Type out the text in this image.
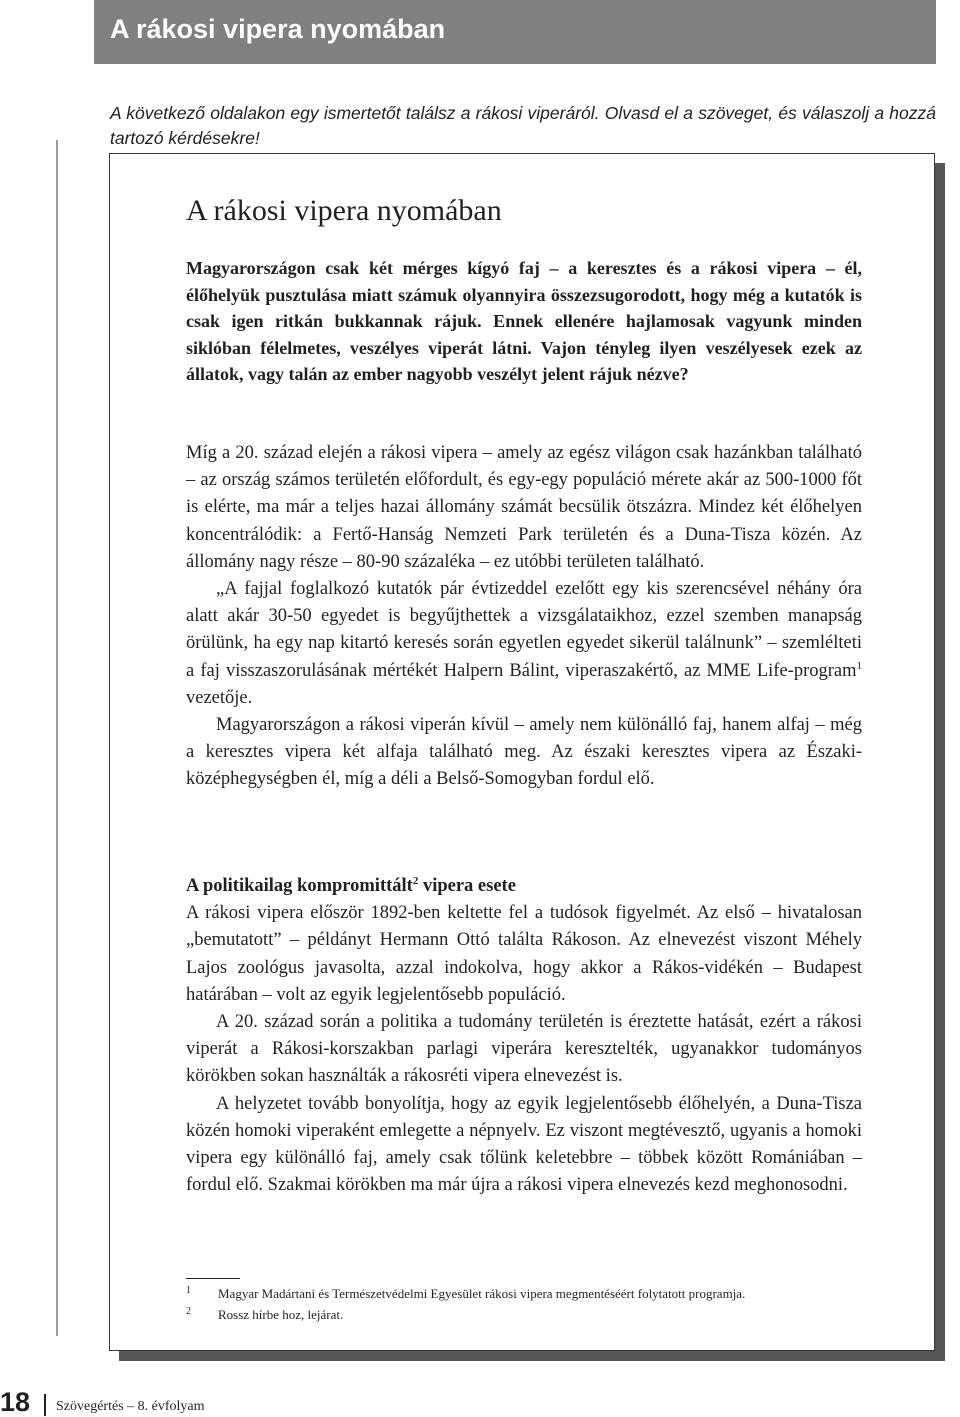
A rákosi vipera nyomában

A következő oldalakon egy ismertetőt találsz a rákosi viperáról. Olvasd el a szöveget, és válaszolj a hozzá tartozó kérdésekre!

A rákosi vipera nyomában

Magyarországon csak két mérges kígyó faj – a keresztes és a rákosi vipera – él, élőhelyük pusztulása miatt számuk olyannyira összezsugorodott, hogy még a kutatók is csak igen ritkán bukkannak rájuk. Ennek ellenére hajlamosak vagyunk minden siklóban félelmetes, veszélyes viperát látni. Vajon tényleg ilyen veszélyesek ezek az állatok, vagy talán az ember nagyobb veszélyt jelent rájuk nézve?

Míg a 20. század elején a rákosi vipera – amely az egész világon csak hazánkban található – az ország számos területén előfordult, és egy-egy populáció mérete akár az 500-1000 főt is elérte, ma már a teljes hazai állomány számát becsülik ötszázra. Mindez két élőhelyen koncentrálódik: a Fertő-Hanság Nemzeti Park területén és a Duna-Tisza közén. Az állomány nagy része – 80-90 százaléka – ez utóbbi területen található.

„A fajjal foglalkozó kutatók pár évtizeddel ezelőtt egy kis szerencsével néhány óra alatt akár 30-50 egyedet is begyűjthettek a vizsgálataikhoz, ezzel szemben manapság örülünk, ha egy nap kitartó keresés során egyetlen egyedet sikerül találnunk” – szemlélteti a faj visszaszorulásának mértékét Halpern Bálint, viperaszakértő, az MME Life-program$^1$ vezetője.

Magyarországon a rákosi viperán kívül – amely nem különálló faj, hanem alfaj – még a keresztes vipera két alfaja található meg. Az északi keresztes vipera az Északi-középhegységben él, míg a déli a Belső-Somogyban fordul elő.

A politikailag kompromittált$^2$ vipera esete

A rákosi vipera először 1892-ben keltette fel a tudósok figyelmét. Az első – hivatalosan „bemutatott” – példányt Hermann Ottó találta Rákoson. Az elnevezést viszont Méhely Lajos zoológus javasolta, azzal indokolva, hogy akkor a Rákos-vidékén – Budapest határában – volt az egyik legjelentősebb populáció.

A 20. század során a politika a tudomány területén is éreztette hatását, ezért a rákosi viperát a Rákosi-korszakban parlagi viperára keresztelték, ugyanakkor tudományos körökben sokan használták a rákosréti vipera elnevezést is.

A helyzetet tovább bonyolítja, hogy az egyik legjelentősebb élőhelyén, a Duna-Tisza közén homoki viperaként emlegette a népnyelv. Ez viszont megtévesztő, ugyanis a homoki vipera egy különálló faj, amely csak tőlünk keletebbre – többek között Romániában – fordul elő. Szakmai körökben ma már újra a rákosi vipera elnevezés kezd meghonosodni.

1 Magyar Madártani és Természetvédelmi Egyesület rákosi vipera megmentéséért folytatott programja.
2 Rossz hírbe hoz, lejárat.
18 Szövegértés – 8. évfolyam
